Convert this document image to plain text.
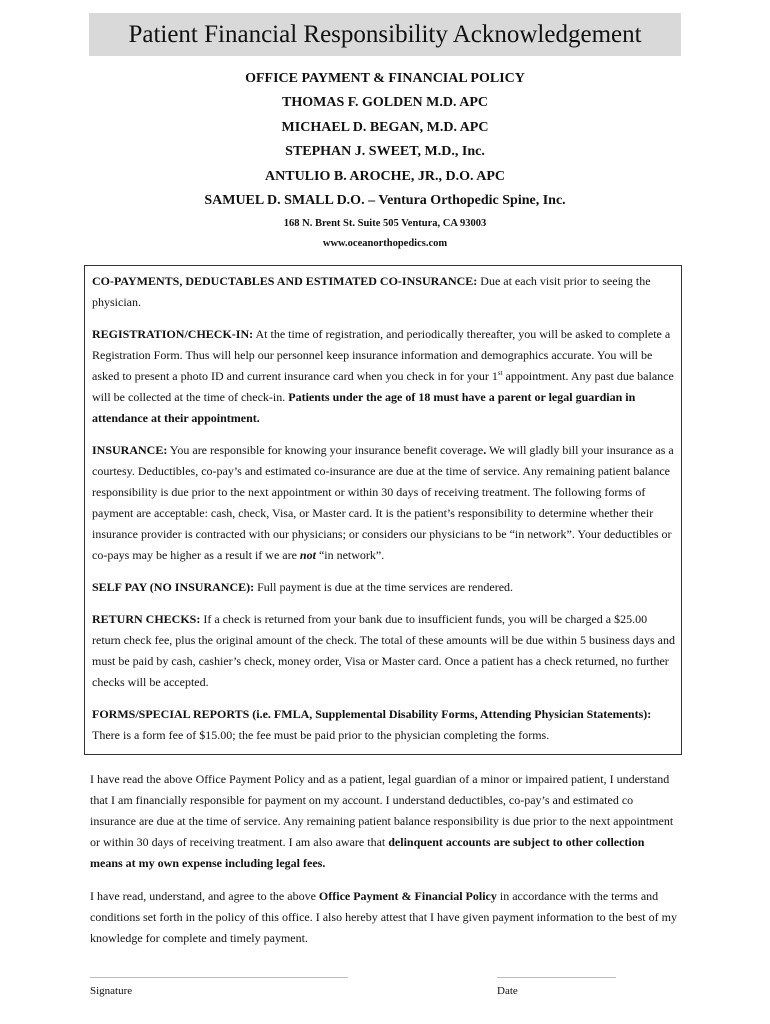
Patient Financial Responsibility Acknowledgement
OFFICE PAYMENT & FINANCIAL POLICY
THOMAS F. GOLDEN M.D. APC
MICHAEL D. BEGAN, M.D. APC
STEPHAN J. SWEET, M.D., Inc.
ANTULIO B. AROCHE, JR., D.O. APC
SAMUEL D. SMALL D.O. – Ventura Orthopedic Spine, Inc.
168 N. Brent St. Suite 505 Ventura, CA 93003
www.oceanorthopedics.com

CO-PAYMENTS, DEDUCTABLES AND ESTIMATED CO-INSURANCE: Due at each visit prior to seeing the physician.

REGISTRATION/CHECK-IN: At the time of registration, and periodically thereafter, you will be asked to complete a Registration Form. Thus will help our personnel keep insurance information and demographics accurate. You will be asked to present a photo ID and current insurance card when you check in for your 1st appointment. Any past due balance will be collected at the time of check-in. Patients under the age of 18 must have a parent or legal guardian in attendance at their appointment.

INSURANCE: You are responsible for knowing your insurance benefit coverage. We will gladly bill your insurance as a courtesy. Deductibles, co-pay’s and estimated co-insurance are due at the time of service. Any remaining patient balance responsibility is due prior to the next appointment or within 30 days of receiving treatment. The following forms of payment are acceptable: cash, check, Visa, or Master card. It is the patient’s responsibility to determine whether their insurance provider is contracted with our physicians; or considers our physicians to be “in network”. Your deductibles or co-pays may be higher as a result if we are not “in network”.

SELF PAY (NO INSURANCE): Full payment is due at the time services are rendered.

RETURN CHECKS: If a check is returned from your bank due to insufficient funds, you will be charged a $25.00 return check fee, plus the original amount of the check. The total of these amounts will be due within 5 business days and must be paid by cash, cashier’s check, money order, Visa or Master card. Once a patient has a check returned, no further checks will be accepted.

FORMS/SPECIAL REPORTS (i.e. FMLA, Supplemental Disability Forms, Attending Physician Statements): There is a form fee of $15.00; the fee must be paid prior to the physician completing the forms.

I have read the above Office Payment Policy and as a patient, legal guardian of a minor or impaired patient, I understand that I am financially responsible for payment on my account. I understand deductibles, co-pay’s and estimated co insurance are due at the time of service. Any remaining patient balance responsibility is due prior to the next appointment or within 30 days of receiving treatment. I am also aware that delinquent accounts are subject to other collection means at my own expense including legal fees.

I have read, understand, and agree to the above Office Payment & Financial Policy in accordance with the terms and conditions set forth in the policy of this office. I also hereby attest that I have given payment information to the best of my knowledge for complete and timely payment.

Signature	Date
